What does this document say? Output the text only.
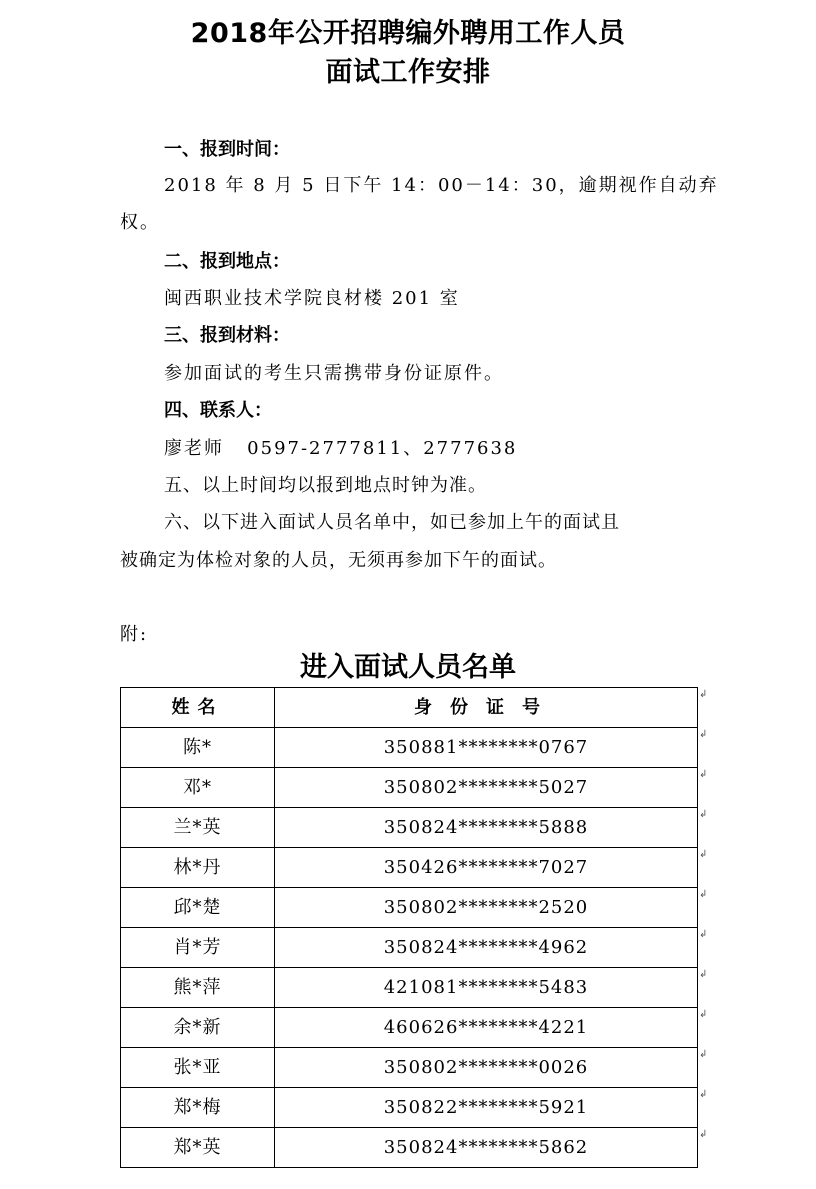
2018年公开招聘编外聘用工作人员
面试工作安排
一、报到时间：
2018 年 8 月 5 日下午 14：00－14：30，逾期视作自动弃
权。
二、报到地点：
闽西职业技术学院良材楼 201 室
三、报到材料：
参加面试的考生只需携带身份证原件。
四、联系人：
廖老师   0597-2777811、2777638
五、以上时间均以报到地点时钟为准。
六、以下进入面试人员名单中，如已参加上午的面试且
被确定为体检对象的人员，无须再参加下午的面试。
附:
进入面试人员名单
姓名	身份证号
陈*	350881********0767
邓*	350802********5027
兰*英	350824********5888
林*丹	350426********7027
邱*楚	350802********2520
肖*芳	350824********4962
熊*萍	421081********5483
余*新	460626********4221
张*亚	350802********0026
郑*梅	350822********5921
郑*英	350824********5862
↲
↲
↲
↲
↲
↲
↲
↲
↲
↲
↲
↲
